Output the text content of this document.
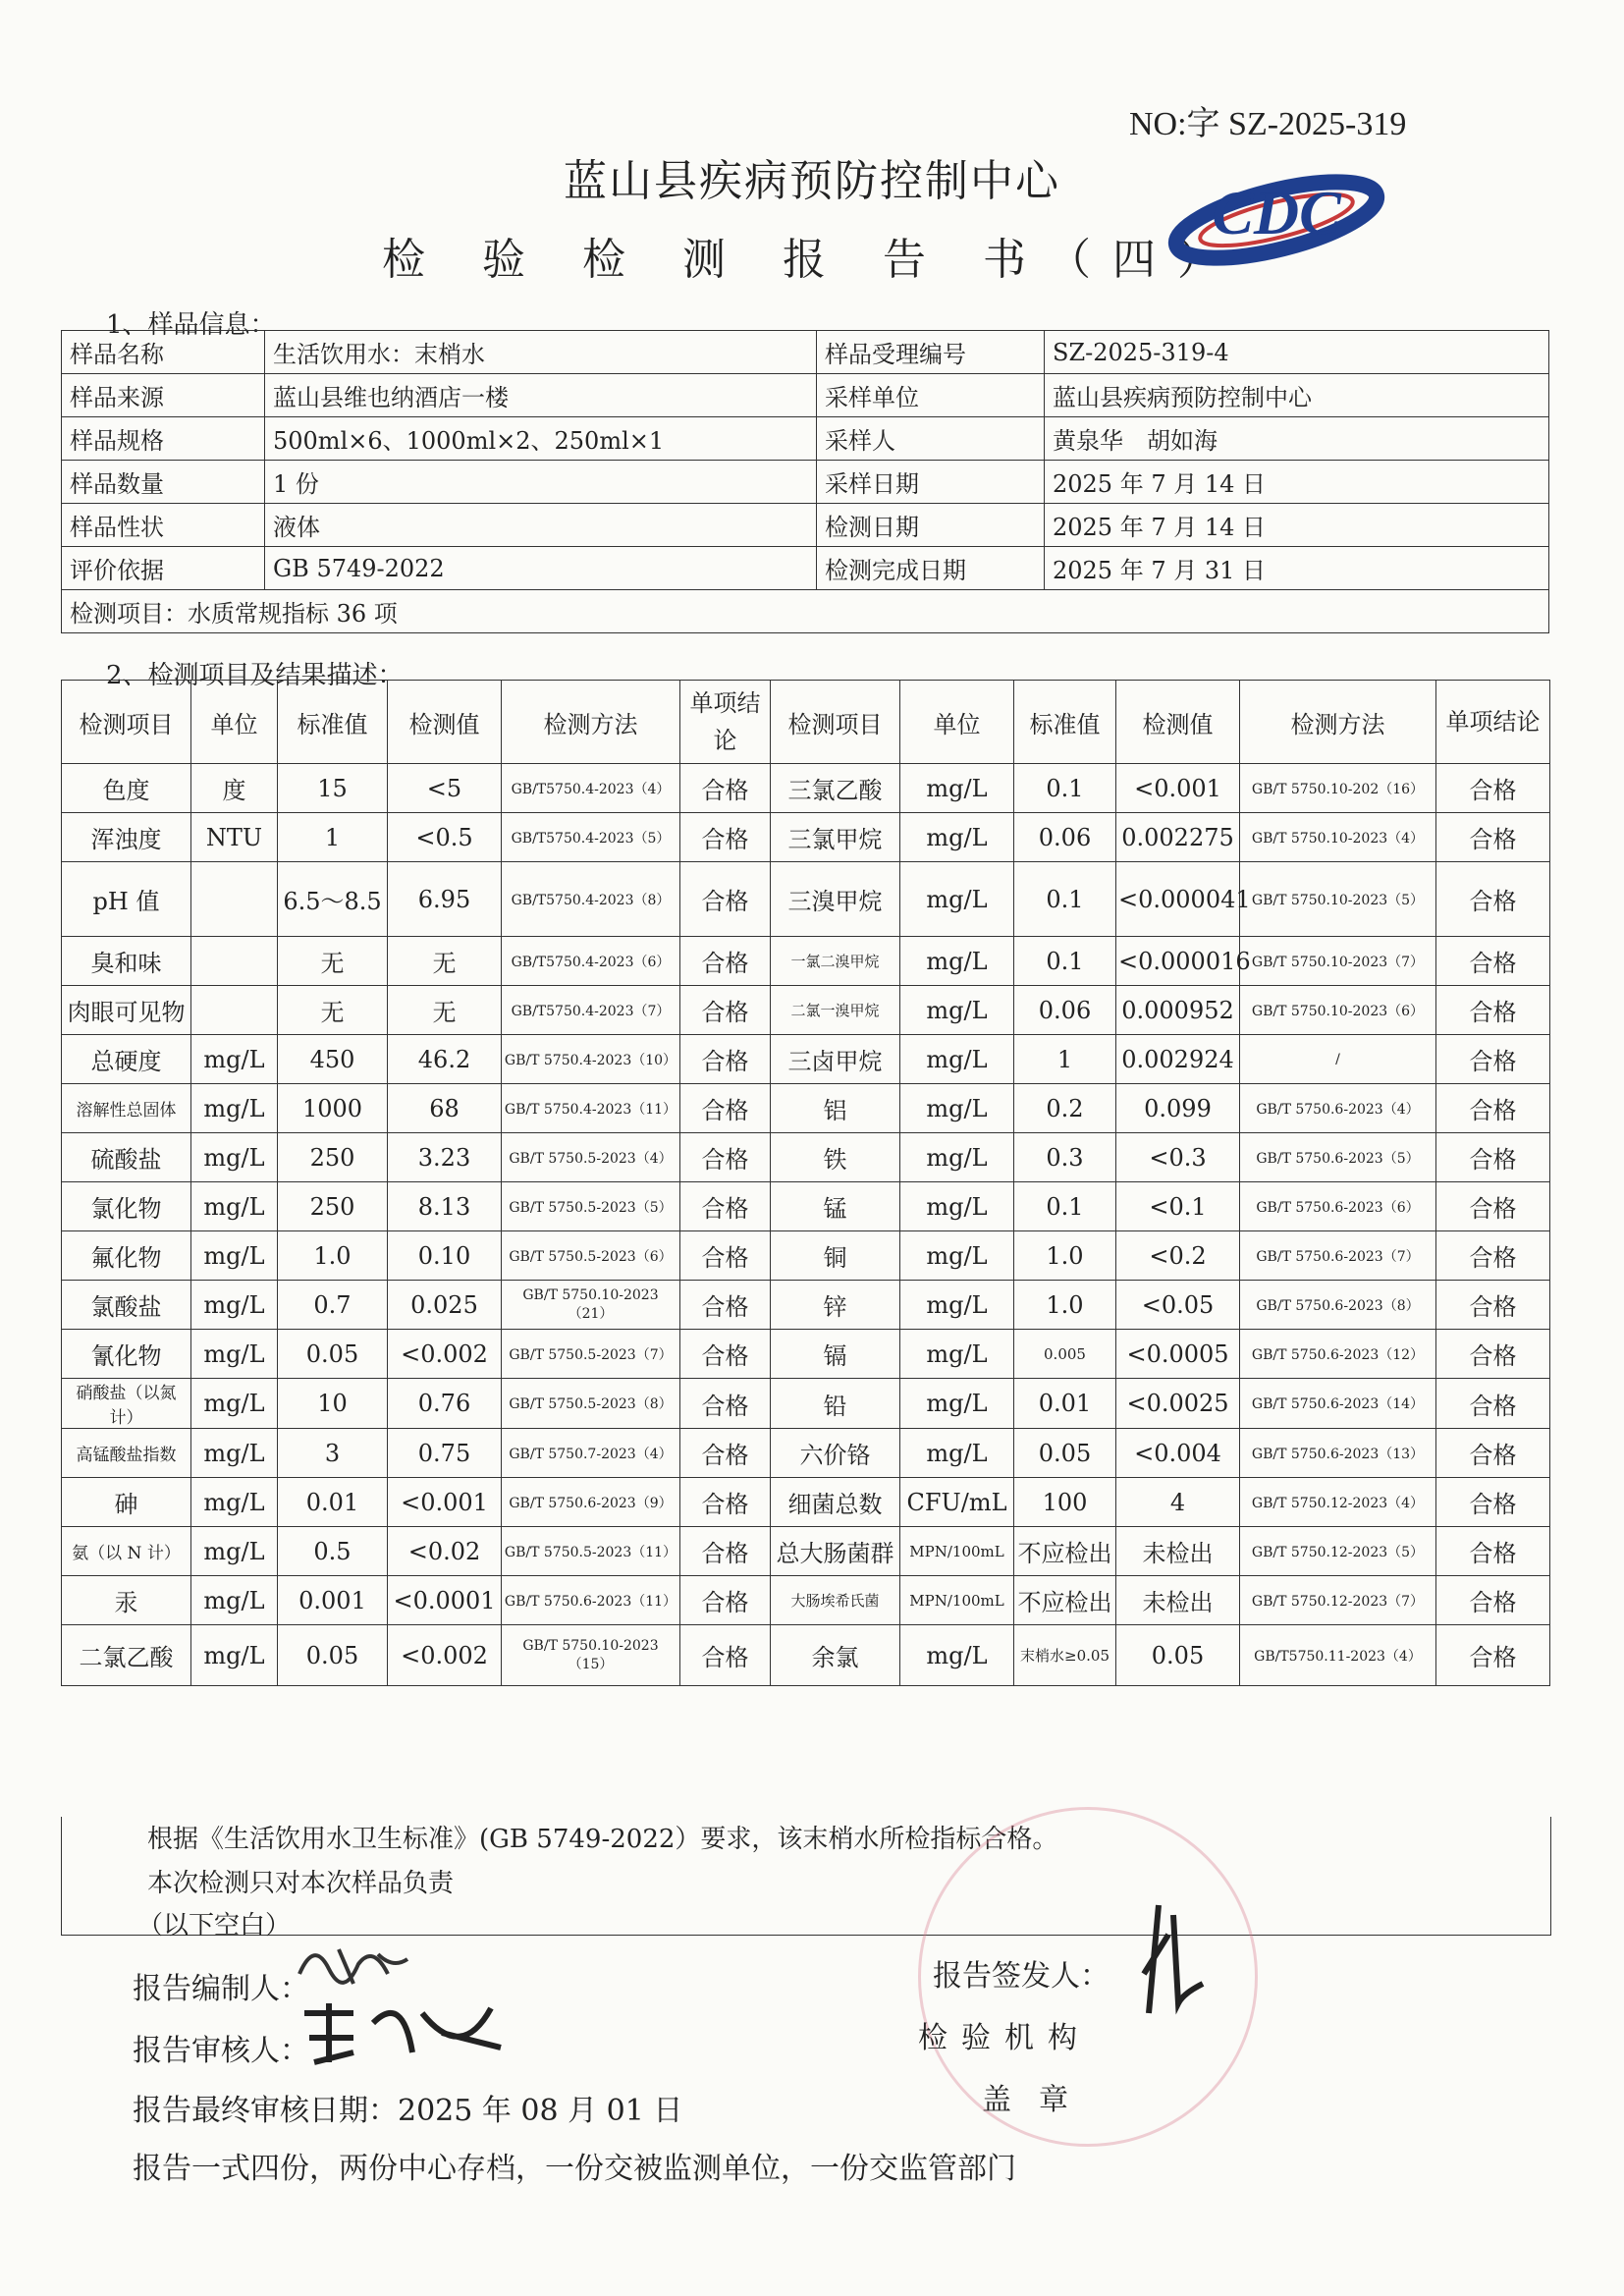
NO:字 SZ-2025-319
蓝山县疾病预防控制中心
检 验 检 测 报 告 书（四）
CDC
1、样品信息：
样品名称	生活饮用水：末梢水	样品受理编号	SZ-2025-319-4
样品来源	蓝山县维也纳酒店一楼	采样单位	蓝山县疾病预防控制中心
样品规格	500ml×6、1000ml×2、250ml×1	采样人	黄泉华　胡如海
样品数量	1 份	采样日期	2025 年 7 月 14 日
样品性状	液体	检测日期	2025 年 7 月 14 日
评价依据	GB 5749-2022	检测完成日期	2025 年 7 月 31 日
检测项目：水质常规指标 36 项			
2、检测项目及结果描述：
检测项目	单位	标准值	检测值	检测方法	单项结论	检测项目	单位	标准值	检测值	检测方法	单项结论
色度	度	15	<5	GB/T5750.4-2023（4）	合格	三氯乙酸	mg/L	0.1	<0.001	GB/T 5750.10-202（16）	合格
浑浊度	NTU	1	<0.5	GB/T5750.4-2023（5）	合格	三氯甲烷	mg/L	0.06	0.002275	GB/T 5750.10-2023（4）	合格
pH 值		6.5～8.5	6.95	GB/T5750.4-2023（8）	合格	三溴甲烷	mg/L	0.1	<0.000041	GB/T 5750.10-2023（5）	合格
臭和味		无	无	GB/T5750.4-2023（6）	合格	一氯二溴甲烷	mg/L	0.1	<0.000016	GB/T 5750.10-2023（7）	合格
肉眼可见物		无	无	GB/T5750.4-2023（7）	合格	二氯一溴甲烷	mg/L	0.06	0.000952	GB/T 5750.10-2023（6）	合格
总硬度	mg/L	450	46.2	GB/T 5750.4-2023（10）	合格	三卤甲烷	mg/L	1	0.002924	/	合格
溶解性总固体	mg/L	1000	68	GB/T 5750.4-2023（11）	合格	铝	mg/L	0.2	0.099	GB/T 5750.6-2023（4）	合格
硫酸盐	mg/L	250	3.23	GB/T 5750.5-2023（4）	合格	铁	mg/L	0.3	<0.3	GB/T 5750.6-2023（5）	合格
氯化物	mg/L	250	8.13	GB/T 5750.5-2023（5）	合格	锰	mg/L	0.1	<0.1	GB/T 5750.6-2023（6）	合格
氟化物	mg/L	1.0	0.10	GB/T 5750.5-2023（6）	合格	铜	mg/L	1.0	<0.2	GB/T 5750.6-2023（7）	合格
氯酸盐	mg/L	0.7	0.025	GB/T 5750.10-2023（21）	合格	锌	mg/L	1.0	<0.05	GB/T 5750.6-2023（8）	合格
氰化物	mg/L	0.05	<0.002	GB/T 5750.5-2023（7）	合格	镉	mg/L	0.005	<0.0005	GB/T 5750.6-2023（12）	合格
硝酸盐（以氮计）	mg/L	10	0.76	GB/T 5750.5-2023（8）	合格	铅	mg/L	0.01	<0.0025	GB/T 5750.6-2023（14）	合格
高锰酸盐指数	mg/L	3	0.75	GB/T 5750.7-2023（4）	合格	六价铬	mg/L	0.05	<0.004	GB/T 5750.6-2023（13）	合格
砷	mg/L	0.01	<0.001	GB/T 5750.6-2023（9）	合格	细菌总数	CFU/mL	100	4	GB/T 5750.12-2023（4）	合格
氨（以 N 计）	mg/L	0.5	<0.02	GB/T 5750.5-2023（11）	合格	总大肠菌群	MPN/100mL	不应检出	未检出	GB/T 5750.12-2023（5）	合格
汞	mg/L	0.001	<0.0001	GB/T 5750.6-2023（11）	合格	大肠埃希氏菌	MPN/100mL	不应检出	未检出	GB/T 5750.12-2023（7）	合格
二氯乙酸	mg/L	0.05	<0.002	GB/T 5750.10-2023（15）	合格	余氯	mg/L	末梢水≥0.05	0.05	GB/T5750.11-2023（4）	合格
根据《生活饮用水卫生标准》(GB 5749-2022）要求，该末梢水所检指标合格。
本次检测只对本次样品负责
（以下空白）
报告编制人：
报告审核人：
报告最终审核日期：2025 年 08 月 01 日
报告签发人：
检验机构
盖章
报告一式四份，两份中心存档，一份交被监测单位，一份交监管部门
